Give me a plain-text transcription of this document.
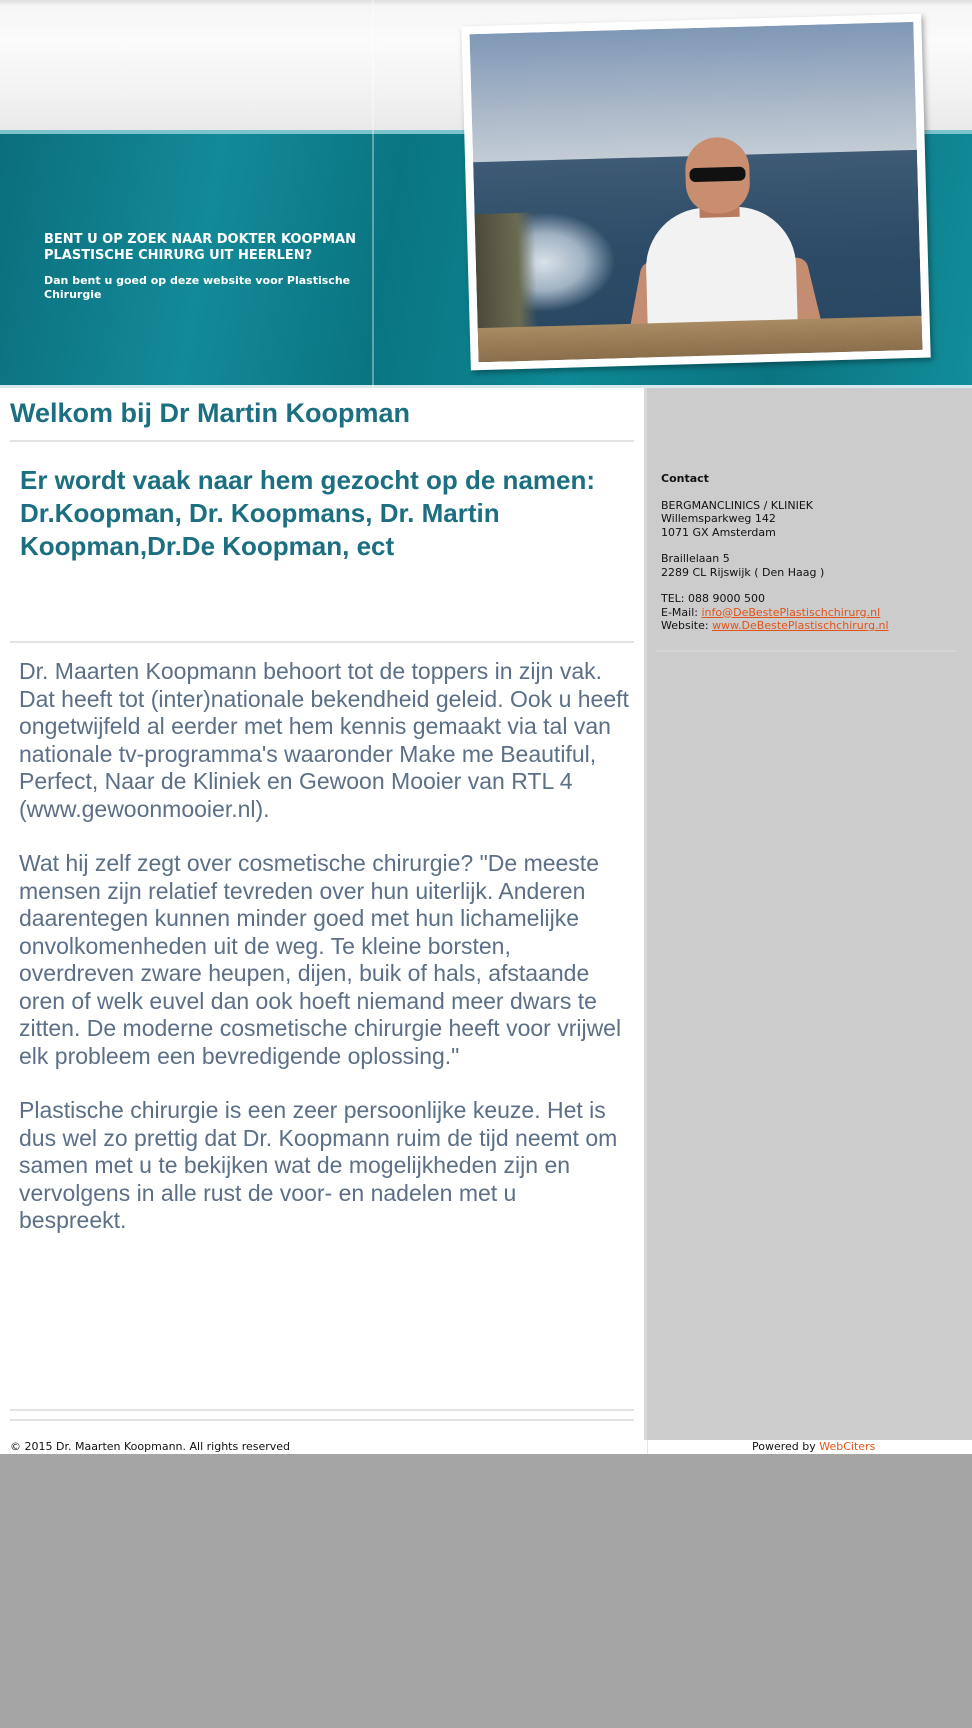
BENT U OP ZOEK NAAR DOKTER KOOPMAN PLASTISCHE CHIRURG UIT HEERLEN?
Dan bent u goed op deze website voor Plastische Chirurgie
Welkom bij Dr Martin Koopman
Er wordt vaak naar hem gezocht op de namen:
Dr.Koopman, Dr. Koopmans, Dr. Martin Koopman,Dr.De Koopman, ect

Dr. Maarten Koopmann behoort tot de toppers in zijn vak. Dat heeft tot (inter)nationale bekendheid geleid. Ook u heeft ongetwijfeld al eerder met hem kennis gemaakt via tal van nationale tv-programma's waaronder Make me Beautiful, Perfect, Naar de Kliniek en Gewoon Mooier van RTL 4 (www.gewoonmooier.nl).

Wat hij zelf zegt over cosmetische chirurgie? "De meeste mensen zijn relatief tevreden over hun uiterlijk. Anderen daarentegen kunnen minder goed met hun lichamelijke onvolkomenheden uit de weg. Te kleine borsten, overdreven zware heupen, dijen, buik of hals, afstaande oren of welk euvel dan ook hoeft niemand meer dwars te zitten. De moderne cosmetische chirurgie heeft voor vrijwel elk probleem een bevredigende oplossing."

Plastische chirurgie is een zeer persoonlijke keuze. Het is dus wel zo prettig dat Dr. Koopmann ruim de tijd neemt om samen met u te bekijken wat de mogelijkheden zijn en vervolgens in alle rust de voor- en nadelen met u bespreekt.

Contact
BERGMANCLINICS / KLINIEK
Willemsparkweg 142
1071 GX Amsterdam
Braillelaan 5
2289 CL Rijswijk ( Den Haag )
TEL: 088 9000 500
E-Mail: info@DeBestePlastischchirurg.nl
Website: www.DeBestePlastischchirurg.nl
© 2015 Dr. Maarten Koopmann. All rights reserved	Powered by WebCiters
